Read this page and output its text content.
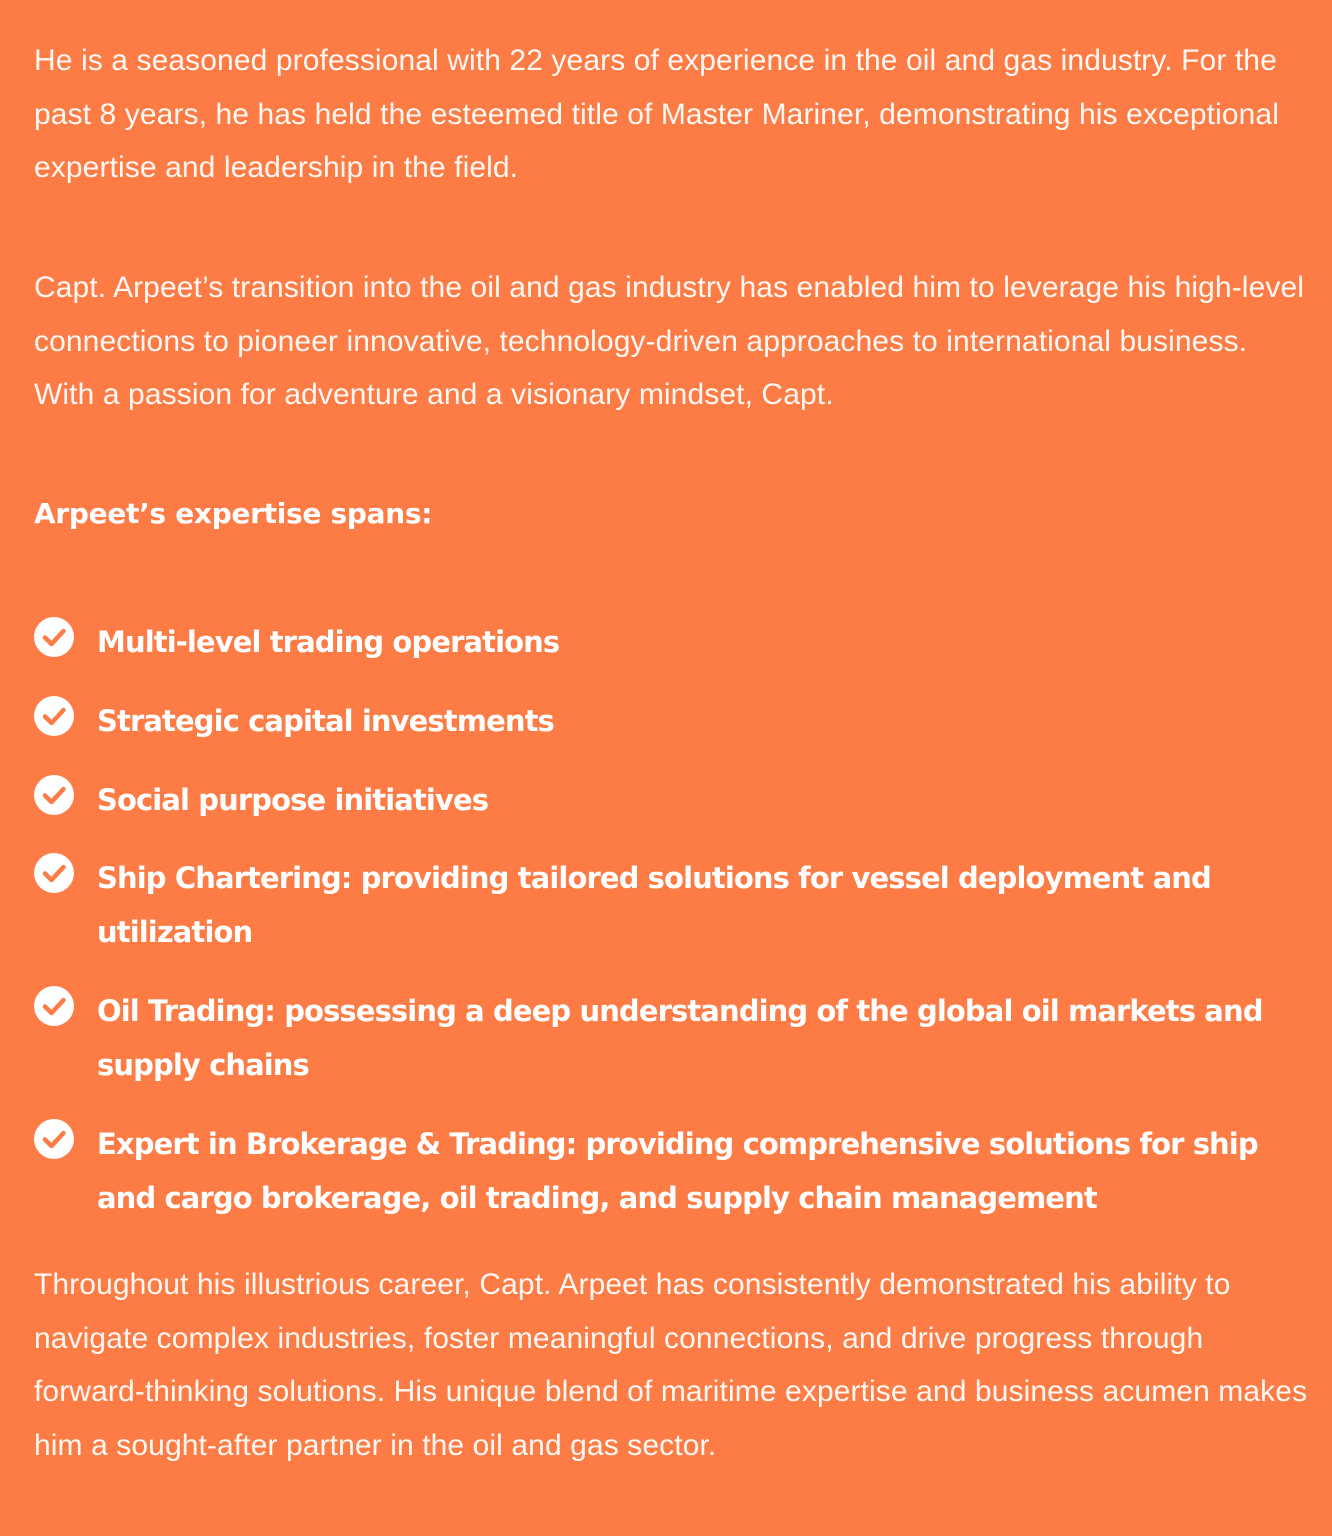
He is a seasoned professional with 22 years of experience in the oil and gas industry. For the past 8 years, he has held the esteemed title of Master Mariner, demonstrating his exceptional expertise and leadership in the field.

Capt. Arpeet’s transition into the oil and gas industry has enabled him to leverage his high-level connections to pioneer innovative, technology-driven approaches to international business. With a passion for adventure and a visionary mindset, Capt.

Arpeet’s expertise spans:
Multi-level trading operations
Strategic capital investments
Social purpose initiatives
Ship Chartering: providing tailored solutions for vessel deployment and utilization
Oil Trading: possessing a deep understanding of the global oil markets and supply chains
Expert in Brokerage & Trading: providing comprehensive solutions for ship and cargo brokerage, oil trading, and supply chain management

Throughout his illustrious career, Capt. Arpeet has consistently demonstrated his ability to navigate complex industries, foster meaningful connections, and drive progress through forward-thinking solutions. His unique blend of maritime expertise and business acumen makes him a sought-after partner in the oil and gas sector.
